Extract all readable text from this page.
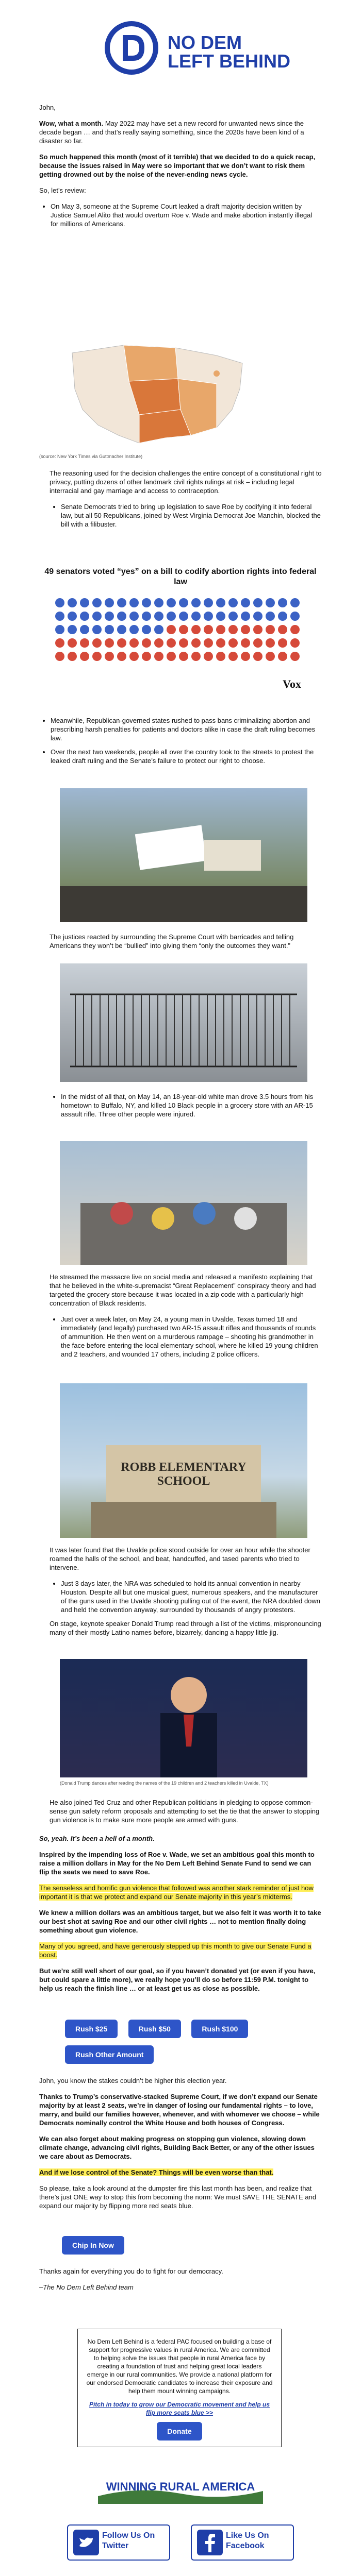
NO DEM
LEFT BEHIND

John,

Wow, what a month. May 2022 may have set a new record for unwanted news since the decade began … and that’s really saying something, since the 2020s have been kind of a disaster so far.

So much happened this month (most of it terrible) that we decided to do a quick recap, because the issues raised in May were so important that we don’t want to risk them getting drowned out by the noise of the never-ending news cycle.

So, let’s review:

• On May 3, someone at the Supreme Court leaked a draft majority decision written by Justice Samuel Alito that would overturn Roe v. Wade and make abortion instantly illegal for millions of Americans.
(source: New York Times via Guttmacher Institute)

The reasoning used for the decision challenges the entire concept of a constitutional right to privacy, putting dozens of other landmark civil rights rulings at risk – including legal interracial and gay marriage and access to contraception.

• Senate Democrats tried to bring up legislation to save Roe by codifying it into federal law, but all 50 Republicans, joined by West Virginia Democrat Joe Manchin, blocked the bill with a filibuster.
49 senators voted “yes” on a bill to codify abortion rights into federal law
Vox
• Meanwhile, Republican-governed states rushed to pass bans criminalizing abortion and prescribing harsh penalties for patients and doctors alike in case the draft ruling becomes law.
• Over the next two weekends, people all over the country took to the streets to protest the leaked draft ruling and the Senate’s failure to protect our right to choose.

The justices reacted by surrounding the Supreme Court with barricades and telling Americans they won’t be “bullied” into giving them “only the outcomes they want.”

• In the midst of all that, on May 14, an 18-year-old white man drove 3.5 hours from his hometown to Buffalo, NY, and killed 10 Black people in a grocery store with an AR-15 assault rifle. Three other people were injured.

He streamed the massacre live on social media and released a manifesto explaining that that he believed in the white-supremacist “Great Replacement” conspiracy theory and had targeted the grocery store because it was located in a zip code with a particularly high concentration of Black residents.

• Just over a week later, on May 24, a young man in Uvalde, Texas turned 18 and immediately (and legally) purchased two AR-15 assault rifles and thousands of rounds of ammunition. He then went on a murderous rampage – shooting his grandmother in the face before entering the local elementary school, where he killed 19 young children and 2 teachers, and wounded 17 others, including 2 police officers.
ROBB ELEMENTARY SCHOOL

It was later found that the Uvalde police stood outside for over an hour while the shooter roamed the halls of the school, and beat, handcuffed, and tased parents who tried to intervene.

• Just 3 days later, the NRA was scheduled to hold its annual convention in nearby Houston. Despite all but one musical guest, numerous speakers, and the manufacturer of the guns used in the Uvalde shooting pulling out of the event, the NRA doubled down and held the convention anyway, surrounded by thousands of angry protesters.

On stage, keynote speaker Donald Trump read through a list of the victims, mispronouncing many of their mostly Latino names before, bizarrely, dancing a happy little jig.

(Donald Trump dances after reading the names of the 19 children and 2 teachers killed in Uvalde, TX)

He also joined Ted Cruz and other Republican politicians in pledging to oppose common-sense gun safety reform proposals and attempting to set the tie that the answer to stopping gun violence is to make sure more people are armed with guns.

So, yeah. It’s been a hell of a month.

Inspired by the impending loss of Roe v. Wade, we set an ambitious goal this month to raise a million dollars in May for the No Dem Left Behind Senate Fund to send we can flip the seats we need to save Roe.

The senseless and horrific gun violence that followed was another stark reminder of just how important it is that we protect and expand our Senate majority in this year’s midterms.

We knew a million dollars was an ambitious target, but we also felt it was worth it to take our best shot at saving Roe and our other civil rights … not to mention finally doing something about gun violence.

Many of you agreed, and have generously stepped up this month to give our Senate Fund a boost.

But we’re still well short of our goal, so if you haven’t donated yet (or even if you have, but could spare a little more), we really hope you’ll do so before 11:59 P.M. tonight to help us reach the finish line … or at least get us as close as possible.

Rush $25	Rush $50	Rush $100
Rush Other Amount

John, you know the stakes couldn’t be higher this election year.

Thanks to Trump’s conservative-stacked Supreme Court, if we don’t expand our Senate majority by at least 2 seats, we’re in danger of losing our fundamental rights – to love, marry, and build our families however, whenever, and with whomever we choose – while Democrats nominally control the White House and both houses of Congress.

We can also forget about making progress on stopping gun violence, slowing down climate change, advancing civil rights, Building Back Better, or any of the other issues we care about as Democrats.

And if we lose control of the Senate? Things will be even worse than that.

So please, take a look around at the dumpster fire this last month has been, and realize that there’s just ONE way to stop this from becoming the norm: We must SAVE THE SENATE and expand our majority by flipping more red seats blue.

Chip In Now

Thanks again for everything you do to fight for our democracy.

–The No Dem Left Behind team

No Dem Left Behind is a federal PAC focused on building a base of support for progressive values in rural America. We are committed to helping solve the issues that people in rural America face by creating a foundation of trust and helping great local leaders emerge in our rural communities. We provide a national platform for our endorsed Democratic candidates to increase their exposure and help them mount winning campaigns.
Pitch in today to grow our Democratic movement and help us flip more seats blue >>
Donate
WINNING RURAL AMERICA
Follow Us On Twitter
Like Us On Facebook
